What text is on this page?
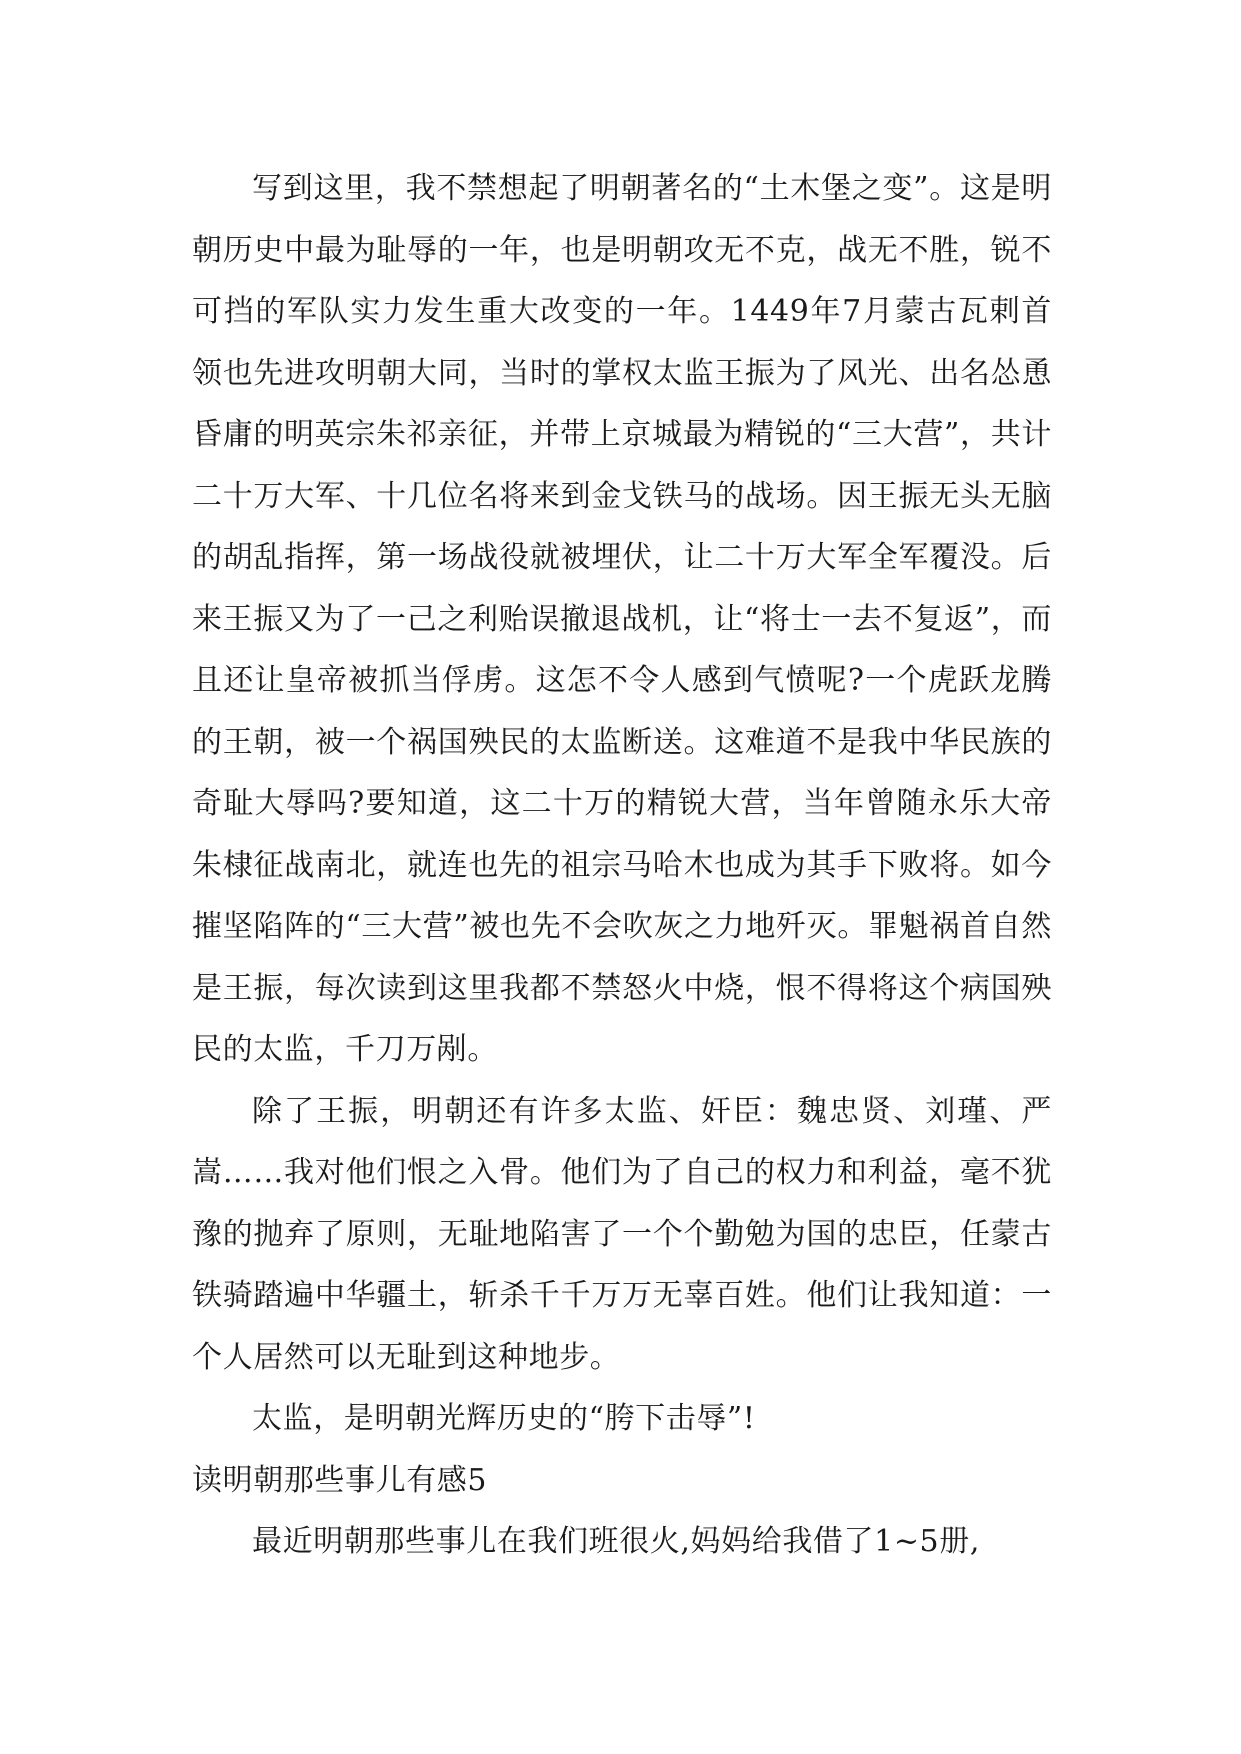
写到这里，我不禁想起了明朝著名的“土木堡之变”。这是明朝历史中最为耻辱的一年，也是明朝攻无不克，战无不胜，锐不可挡的军队实力发生重大改变的一年。1449年7月蒙古瓦剌首领也先进攻明朝大同，当时的掌权太监王振为了风光、出名怂恿昏庸的明英宗朱祁亲征，并带上京城最为精锐的“三大营”，共计二十万大军、十几位名将来到金戈铁马的战场。因王振无头无脑的胡乱指挥，第一场战役就被埋伏，让二十万大军全军覆没。后来王振又为了一己之利贻误撤退战机，让“将士一去不复返”，而且还让皇帝被抓当俘虏。这怎不令人感到气愤呢?一个虎跃龙腾的王朝，被一个祸国殃民的太监断送。这难道不是我中华民族的奇耻大辱吗?要知道，这二十万的精锐大营，当年曾随永乐大帝朱棣征战南北，就连也先的祖宗马哈木也成为其手下败将。如今摧坚陷阵的“三大营”被也先不会吹灰之力地歼灭。罪魁祸首自然是王振，每次读到这里我都不禁怒火中烧，恨不得将这个病国殃民的太监，千刀万剐。

除了王振，明朝还有许多太监、奸臣：魏忠贤、刘瑾、严嵩……我对他们恨之入骨。他们为了自己的权力和利益，毫不犹豫的抛弃了原则，无耻地陷害了一个个勤勉为国的忠臣，任蒙古铁骑踏遍中华疆土，斩杀千千万万无辜百姓。他们让我知道：一个人居然可以无耻到这种地步。

太监，是明朝光辉历史的“胯下击辱”!

读明朝那些事儿有感5

最近明朝那些事儿在我们班很火,妈妈给我借了1~5册,
